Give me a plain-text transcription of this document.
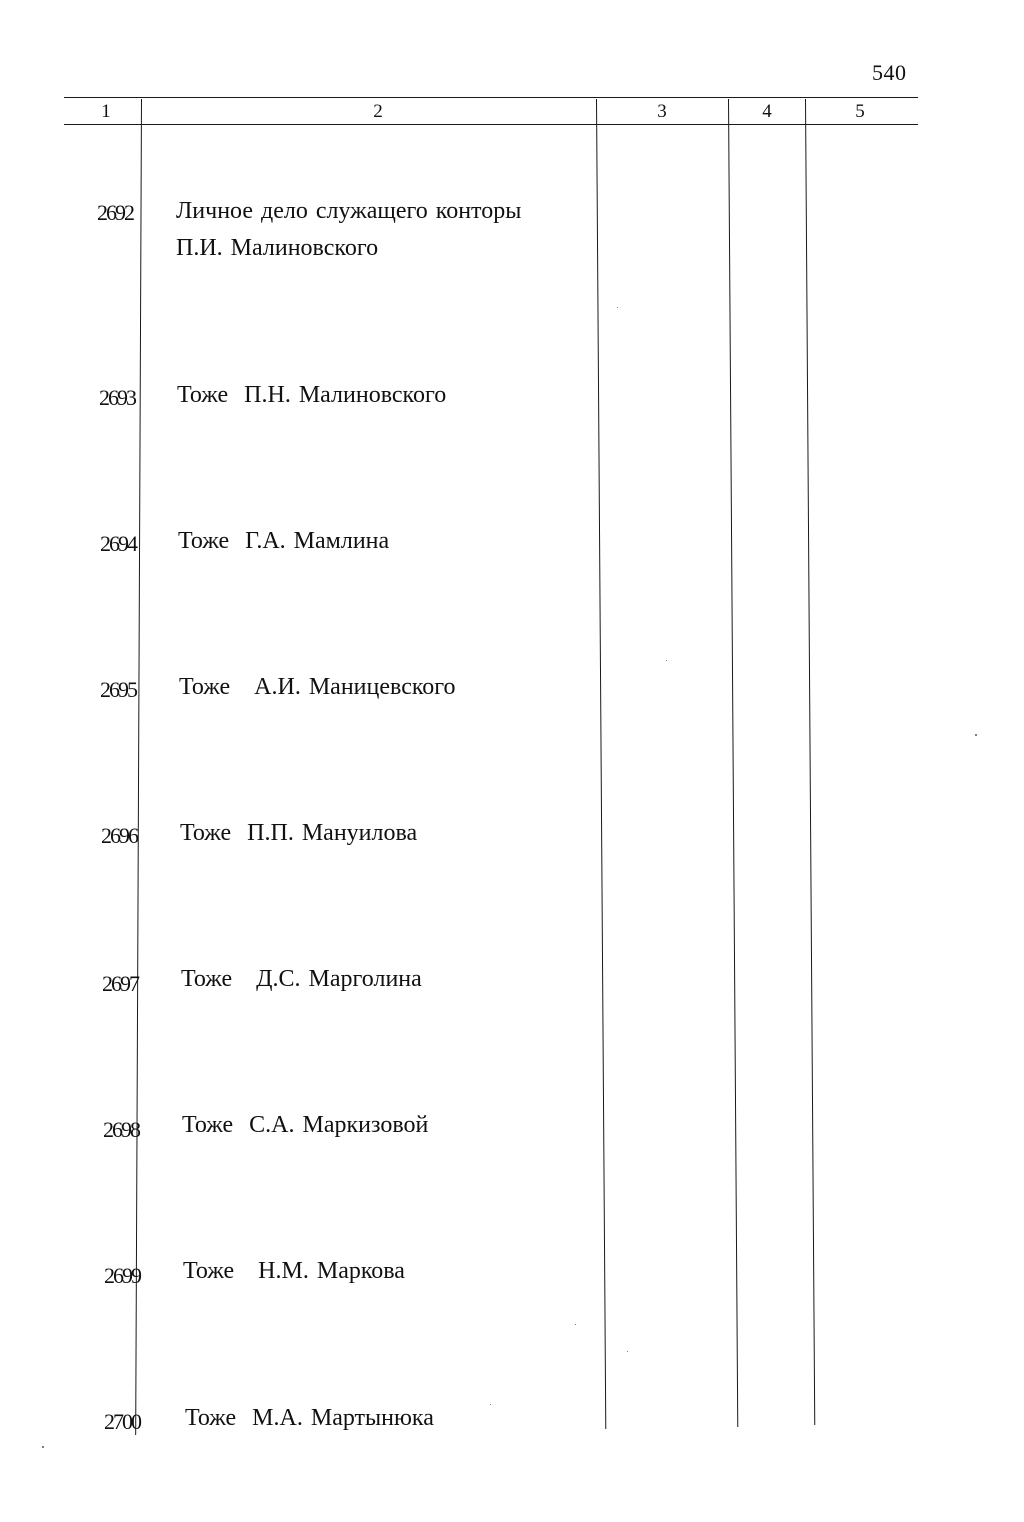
540
1	2	3	4	5
2692 Личное дело служащего конторы
П.И. Малиновского
2693 Тоже  П.Н. Малиновского
2694 Тоже  Г.А. Мамлина
2695 Тоже   А.И. Маницевского
2696 Тоже  П.П. Мануилова
2697 Тоже   Д.С. Марголина
2698 Тоже  С.А. Маркизовой
2699 Тоже   Н.М. Маркова
2700 Тоже  М.А. Мартынюка
